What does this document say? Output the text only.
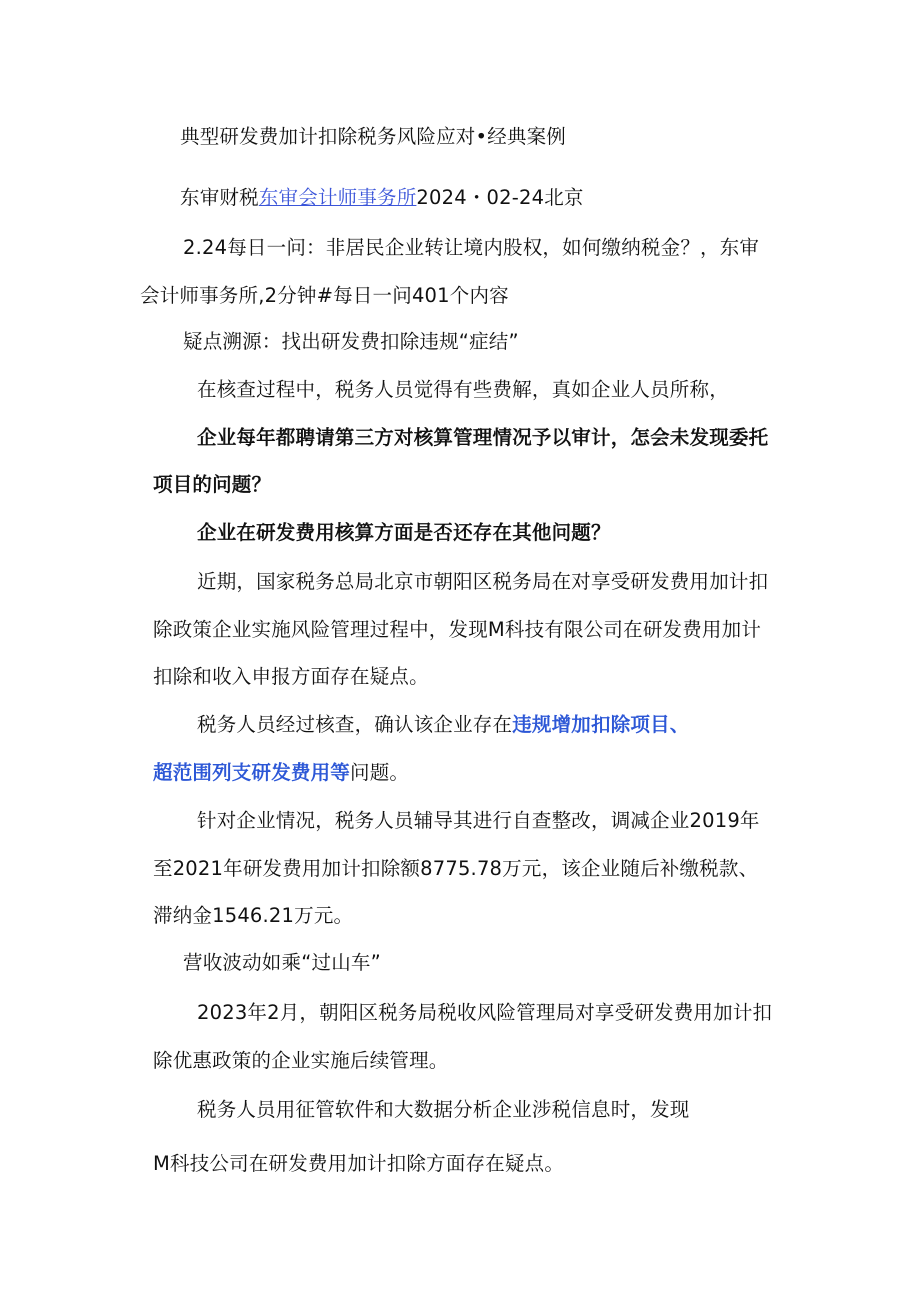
典型研发费加计扣除税务风险应对•经典案例
东审财税东审会计师事务所2024・02-24北京
2.24每日一问：非居民企业转让境内股权，如何缴纳税金？，东审
会计师事务所,2分钟#每日一问401个内容
疑点溯源：找出研发费扣除违规“症结”
在核查过程中，税务人员觉得有些费解，真如企业人员所称，
企业每年都聘请第三方对核算管理情况予以审计，怎会未发现委托
项目的问题？
企业在研发费用核算方面是否还存在其他问题？
近期，国家税务总局北京市朝阳区税务局在对享受研发费用加计扣
除政策企业实施风险管理过程中，发现M科技有限公司在研发费用加计
扣除和收入申报方面存在疑点。
税务人员经过核查，确认该企业存在违规增加扣除项目、
超范围列支研发费用等问题。
针对企业情况，税务人员辅导其进行自查整改，调减企业2019年
至2021年研发费用加计扣除额8775.78万元，该企业随后补缴税款、
滞纳金1546.21万元。
营收波动如乘“过山车”
2023年2月，朝阳区税务局税收风险管理局对享受研发费用加计扣
除优惠政策的企业实施后续管理。
税务人员用征管软件和大数据分析企业涉税信息时，发现
M科技公司在研发费用加计扣除方面存在疑点。
